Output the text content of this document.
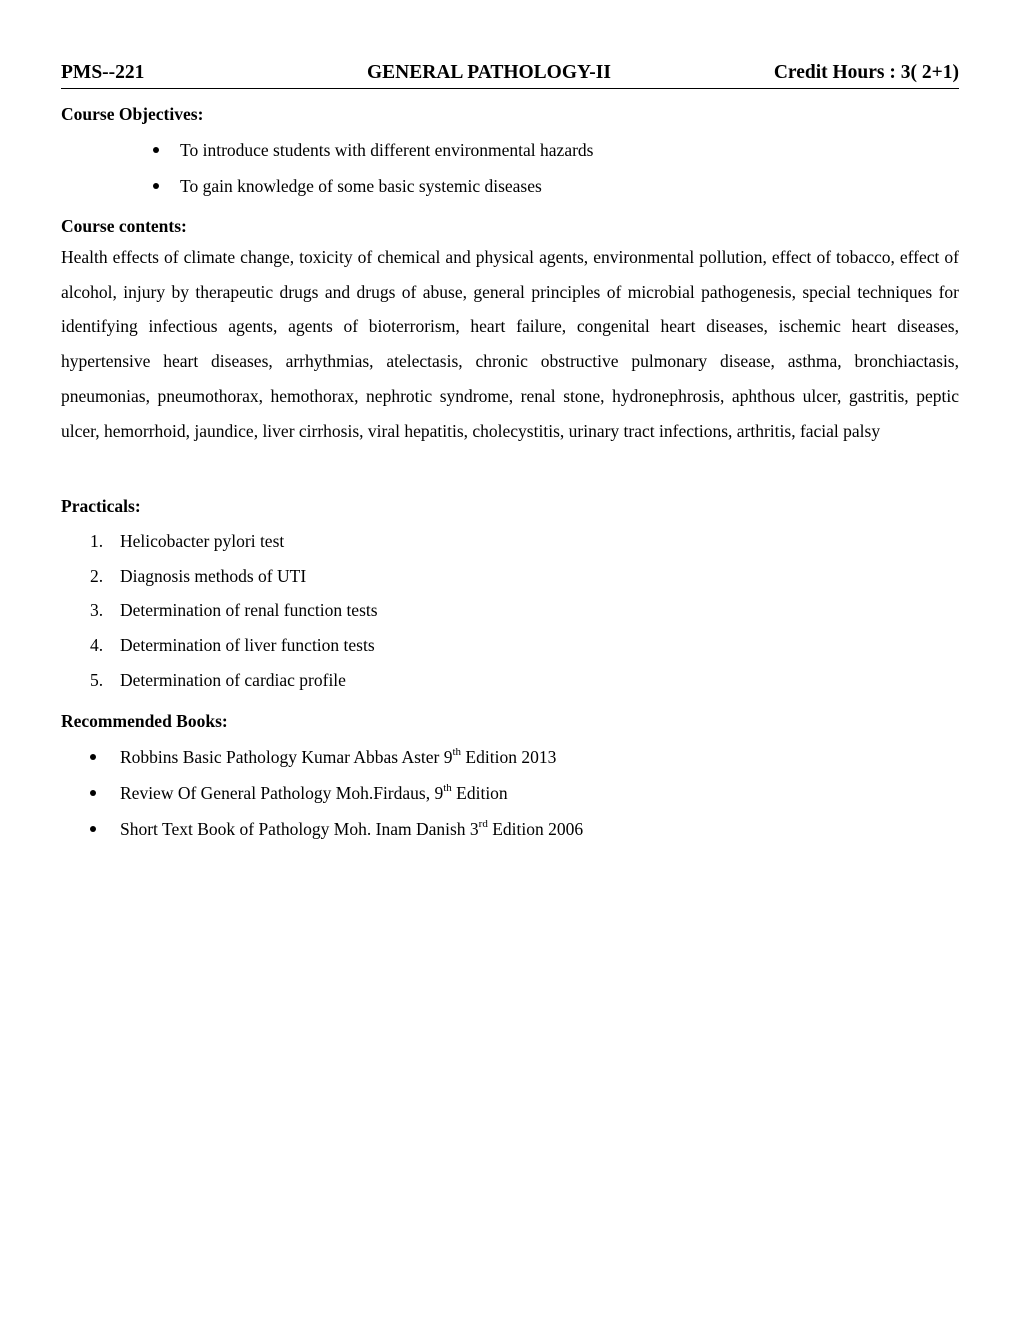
PMS--221	GENERAL PATHOLOGY-II	Credit Hours : 3( 2+1)

Course Objectives:

To introduce students with different environmental hazards
To gain knowledge of some basic systemic diseases

Course contents:

Health effects of climate change, toxicity of chemical and physical agents, environmental pollution, effect of tobacco, effect of alcohol, injury by therapeutic drugs and drugs of abuse, general principles of microbial pathogenesis, special techniques for identifying infectious agents, agents of bioterrorism, heart failure, congenital heart diseases, ischemic heart diseases, hypertensive heart diseases, arrhythmias, atelectasis, chronic obstructive pulmonary disease, asthma, bronchiactasis, pneumonias, pneumothorax, hemothorax, nephrotic syndrome, renal stone, hydronephrosis, aphthous ulcer, gastritis, peptic ulcer, hemorrhoid, jaundice, liver cirrhosis, viral hepatitis, cholecystitis, urinary tract infections, arthritis, facial palsy

Practicals:

1. Helicobacter pylori test
2. Diagnosis methods of UTI
3. Determination of renal function tests
4. Determination of liver function tests
5. Determination of cardiac profile

Recommended Books:

Robbins Basic Pathology Kumar Abbas Aster 9th Edition 2013
Review Of General Pathology Moh.Firdaus, 9th Edition
Short Text Book of Pathology Moh. Inam Danish 3rd Edition 2006
